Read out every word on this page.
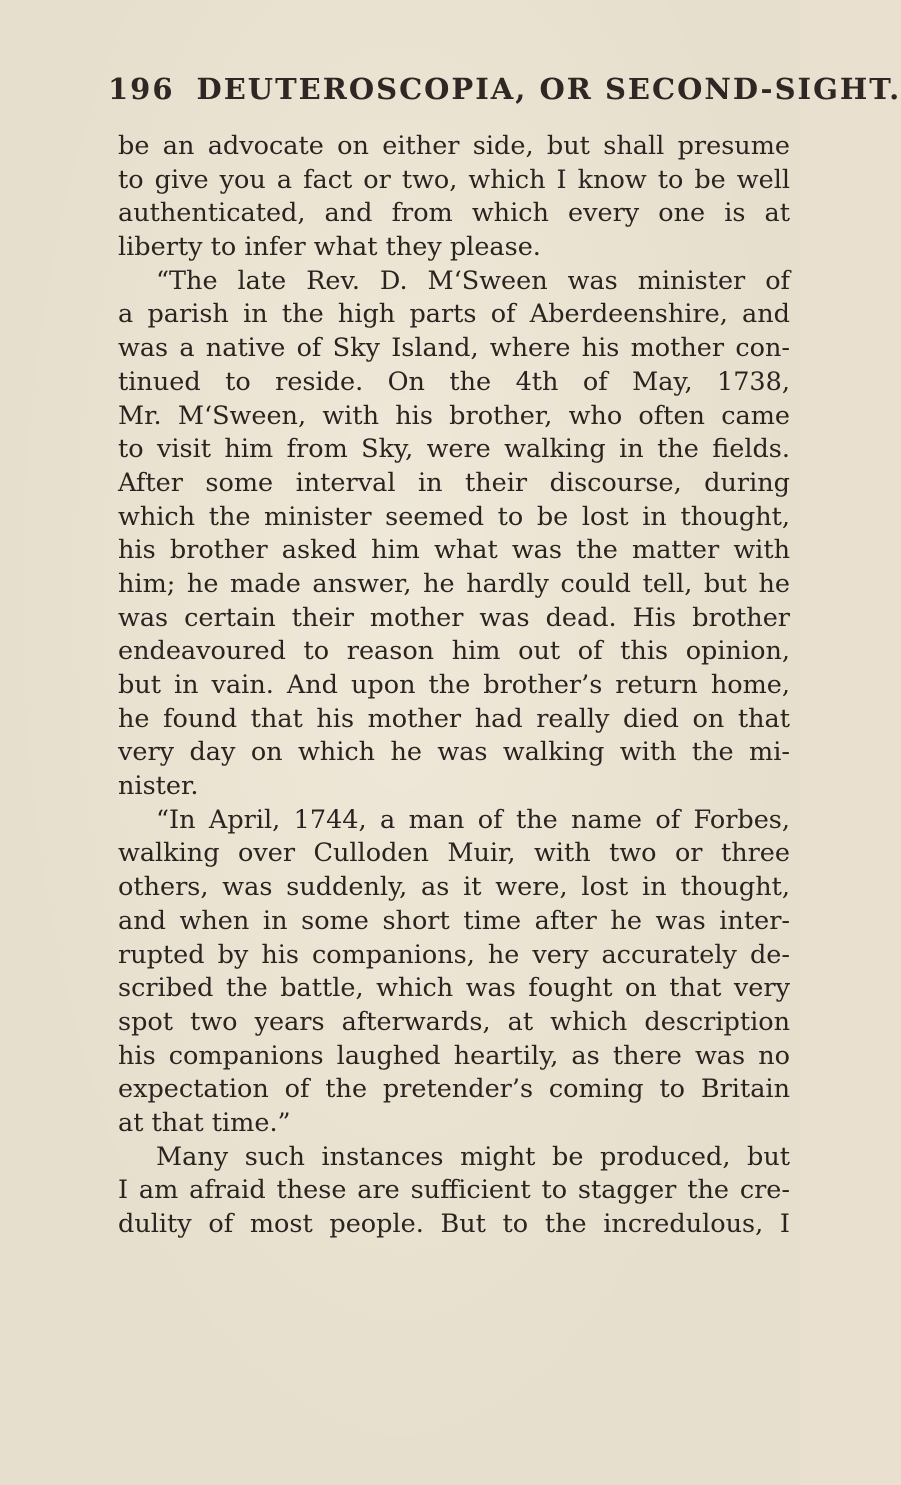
196 DEUTEROSCOPIA, OR SECOND-SIGHT.
be an advocate on either side, but shall presume
to give you a fact or two, which I know to be well
authenticated, and from which every one is at
liberty to infer what they please.
“The late Rev. D. M‘Sween was minister of
a parish in the high parts of Aberdeenshire, and
was a native of Sky Island, where his mother con-
tinued to reside. On the 4th of May, 1738,
Mr. M‘Sween, with his brother, who often came
to visit him from Sky, were walking in the fields.
After some interval in their discourse, during
which the minister seemed to be lost in thought,
his brother asked him what was the matter with
him; he made answer, he hardly could tell, but he
was certain their mother was dead. His brother
endeavoured to reason him out of this opinion,
but in vain. And upon the brother’s return home,
he found that his mother had really died on that
very day on which he was walking with the mi-
nister.
“In April, 1744, a man of the name of Forbes,
walking over Culloden Muir, with two or three
others, was suddenly, as it were, lost in thought,
and when in some short time after he was inter-
rupted by his companions, he very accurately de-
scribed the battle, which was fought on that very
spot two years afterwards, at which description
his companions laughed heartily, as there was no
expectation of the pretender’s coming to Britain
at that time.”
Many such instances might be produced, but
I am afraid these are sufficient to stagger the cre-
dulity of most people. But to the incredulous, I
